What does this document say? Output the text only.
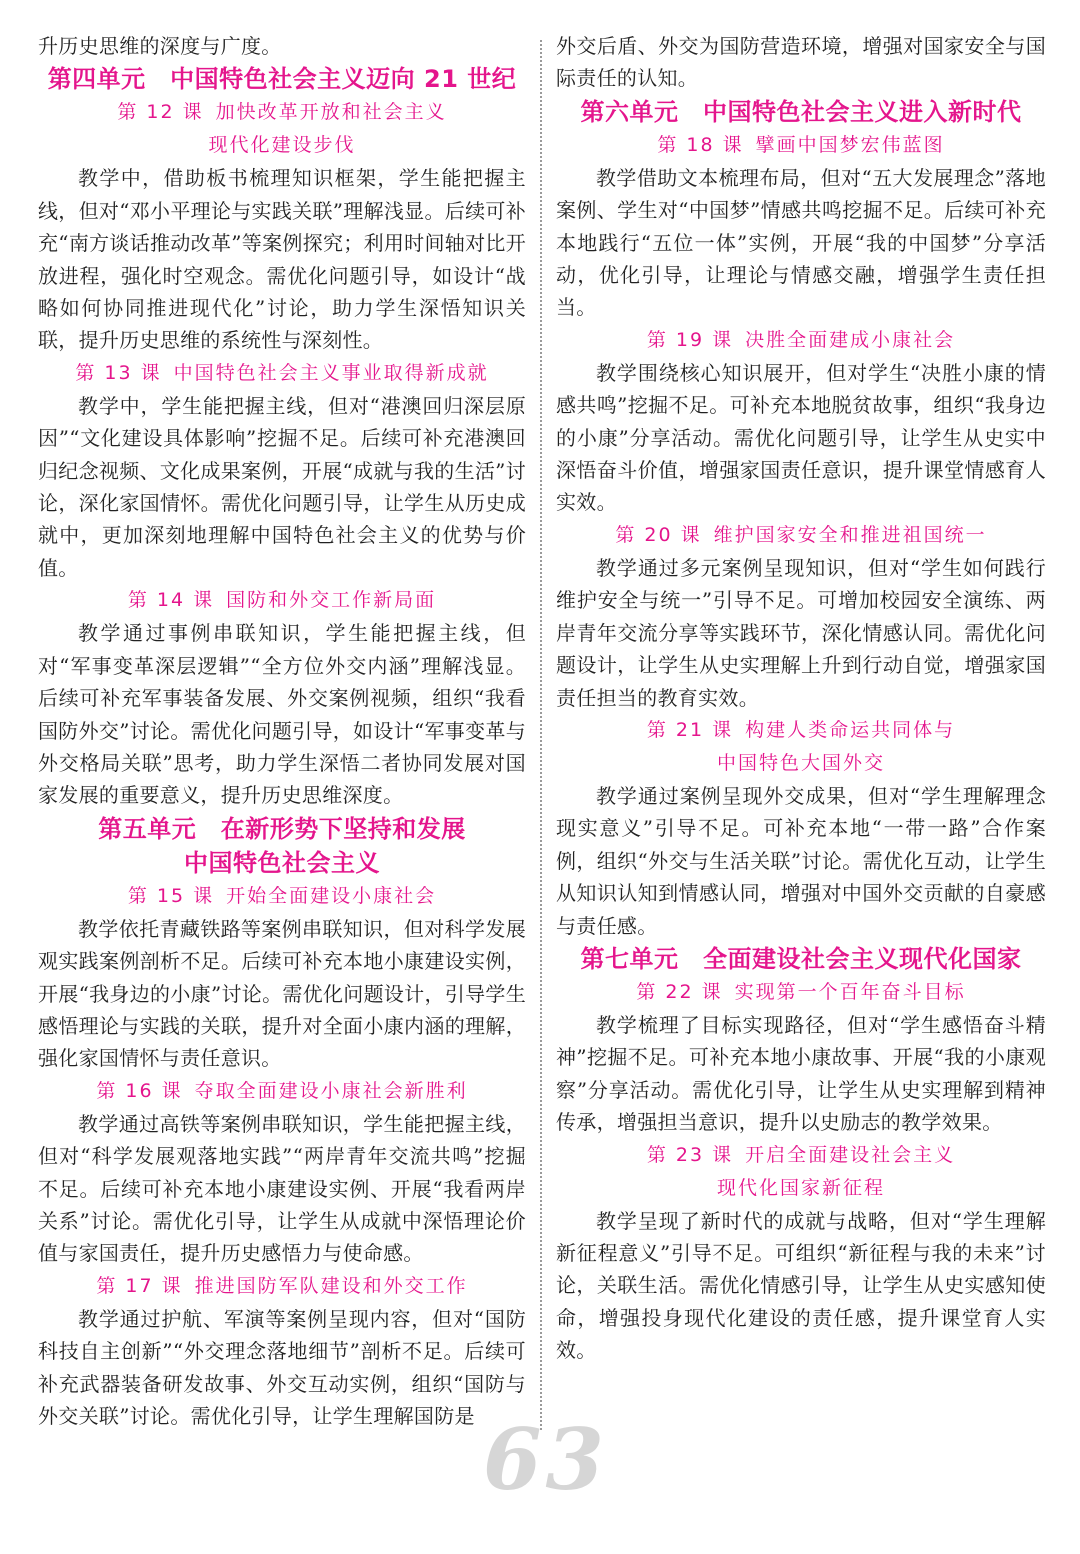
升历史思维的深度与广度。

第四单元　中国特色社会主义迈向 21 世纪

第 12 课 加快改革开放和社会主义

现代化建设步伐

教学中，借助板书梳理知识框架，学生能把握主线，但对“邓小平理论与实践关联”理解浅显。后续可补充“南方谈话推动改革”等案例探究；利用时间轴对比开放进程，强化时空观念。需优化问题引导，如设计“战略如何协同推进现代化”讨论，助力学生深悟知识关联，提升历史思维的系统性与深刻性。

第 13 课 中国特色社会主义事业取得新成就

教学中，学生能把握主线，但对“港澳回归深层原因”“文化建设具体影响”挖掘不足。后续可补充港澳回归纪念视频、文化成果案例，开展“成就与我的生活”讨论，深化家国情怀。需优化问题引导，让学生从历史成就中，更加深刻地理解中国特色社会主义的优势与价值。

第 14 课 国防和外交工作新局面

教学通过事例串联知识，学生能把握主线，但对“军事变革深层逻辑”“全方位外交内涵”理解浅显。后续可补充军事装备发展、外交案例视频，组织“我看国防外交”讨论。需优化问题引导，如设计“军事变革与外交格局关联”思考，助力学生深悟二者协同发展对国家发展的重要意义，提升历史思维深度。

第五单元　在新形势下坚持和发展

中国特色社会主义

第 15 课 开始全面建设小康社会

教学依托青藏铁路等案例串联知识，但对科学发展观实践案例剖析不足。后续可补充本地小康建设实例，开展“我身边的小康”讨论。需优化问题设计，引导学生感悟理论与实践的关联，提升对全面小康内涵的理解，强化家国情怀与责任意识。

第 16 课 夺取全面建设小康社会新胜利

教学通过高铁等案例串联知识，学生能把握主线，但对“科学发展观落地实践”“两岸青年交流共鸣”挖掘不足。后续可补充本地小康建设实例、开展“我看两岸关系”讨论。需优化引导，让学生从成就中深悟理论价值与家国责任，提升历史感悟力与使命感。

第 17 课 推进国防军队建设和外交工作

教学通过护航、军演等案例呈现内容，但对“国防科技自主创新”“外交理念落地细节”剖析不足。后续可补充武器装备研发故事、外交互动实例，组织“国防与外交关联”讨论。需优化引导，让学生理解国防是

外交后盾、外交为国防营造环境，增强对国家安全与国际责任的认知。

第六单元　中国特色社会主义进入新时代

第 18 课 擘画中国梦宏伟蓝图

教学借助文本梳理布局，但对“五大发展理念”落地案例、学生对“中国梦”情感共鸣挖掘不足。后续可补充本地践行“五位一体”实例，开展“我的中国梦”分享活动，优化引导，让理论与情感交融，增强学生责任担当。

第 19 课 决胜全面建成小康社会

教学围绕核心知识展开，但对学生“决胜小康的情感共鸣”挖掘不足。可补充本地脱贫故事，组织“我身边的小康”分享活动。需优化问题引导，让学生从史实中深悟奋斗价值，增强家国责任意识，提升课堂情感育人实效。

第 20 课 维护国家安全和推进祖国统一

教学通过多元案例呈现知识，但对“学生如何践行维护安全与统一”引导不足。可增加校园安全演练、两岸青年交流分享等实践环节，深化情感认同。需优化问题设计，让学生从史实理解上升到行动自觉，增强家国责任担当的教育实效。

第 21 课 构建人类命运共同体与

中国特色大国外交

教学通过案例呈现外交成果，但对“学生理解理念现实意义”引导不足。可补充本地“一带一路”合作案例，组织“外交与生活关联”讨论。需优化互动，让学生从知识认知到情感认同，增强对中国外交贡献的自豪感与责任感。

第七单元　全面建设社会主义现代化国家

第 22 课 实现第一个百年奋斗目标

教学梳理了目标实现路径，但对“学生感悟奋斗精神”挖掘不足。可补充本地小康故事、开展“我的小康观察”分享活动。需优化引导，让学生从史实理解到精神传承，增强担当意识，提升以史励志的教学效果。

第 23 课 开启全面建设社会主义

现代化国家新征程

教学呈现了新时代的成就与战略，但对“学生理解新征程意义”引导不足。可组织“新征程与我的未来”讨论，关联生活。需优化情感引导，让学生从史实感知使命，增强投身现代化建设的责任感，提升课堂育人实效。

63
